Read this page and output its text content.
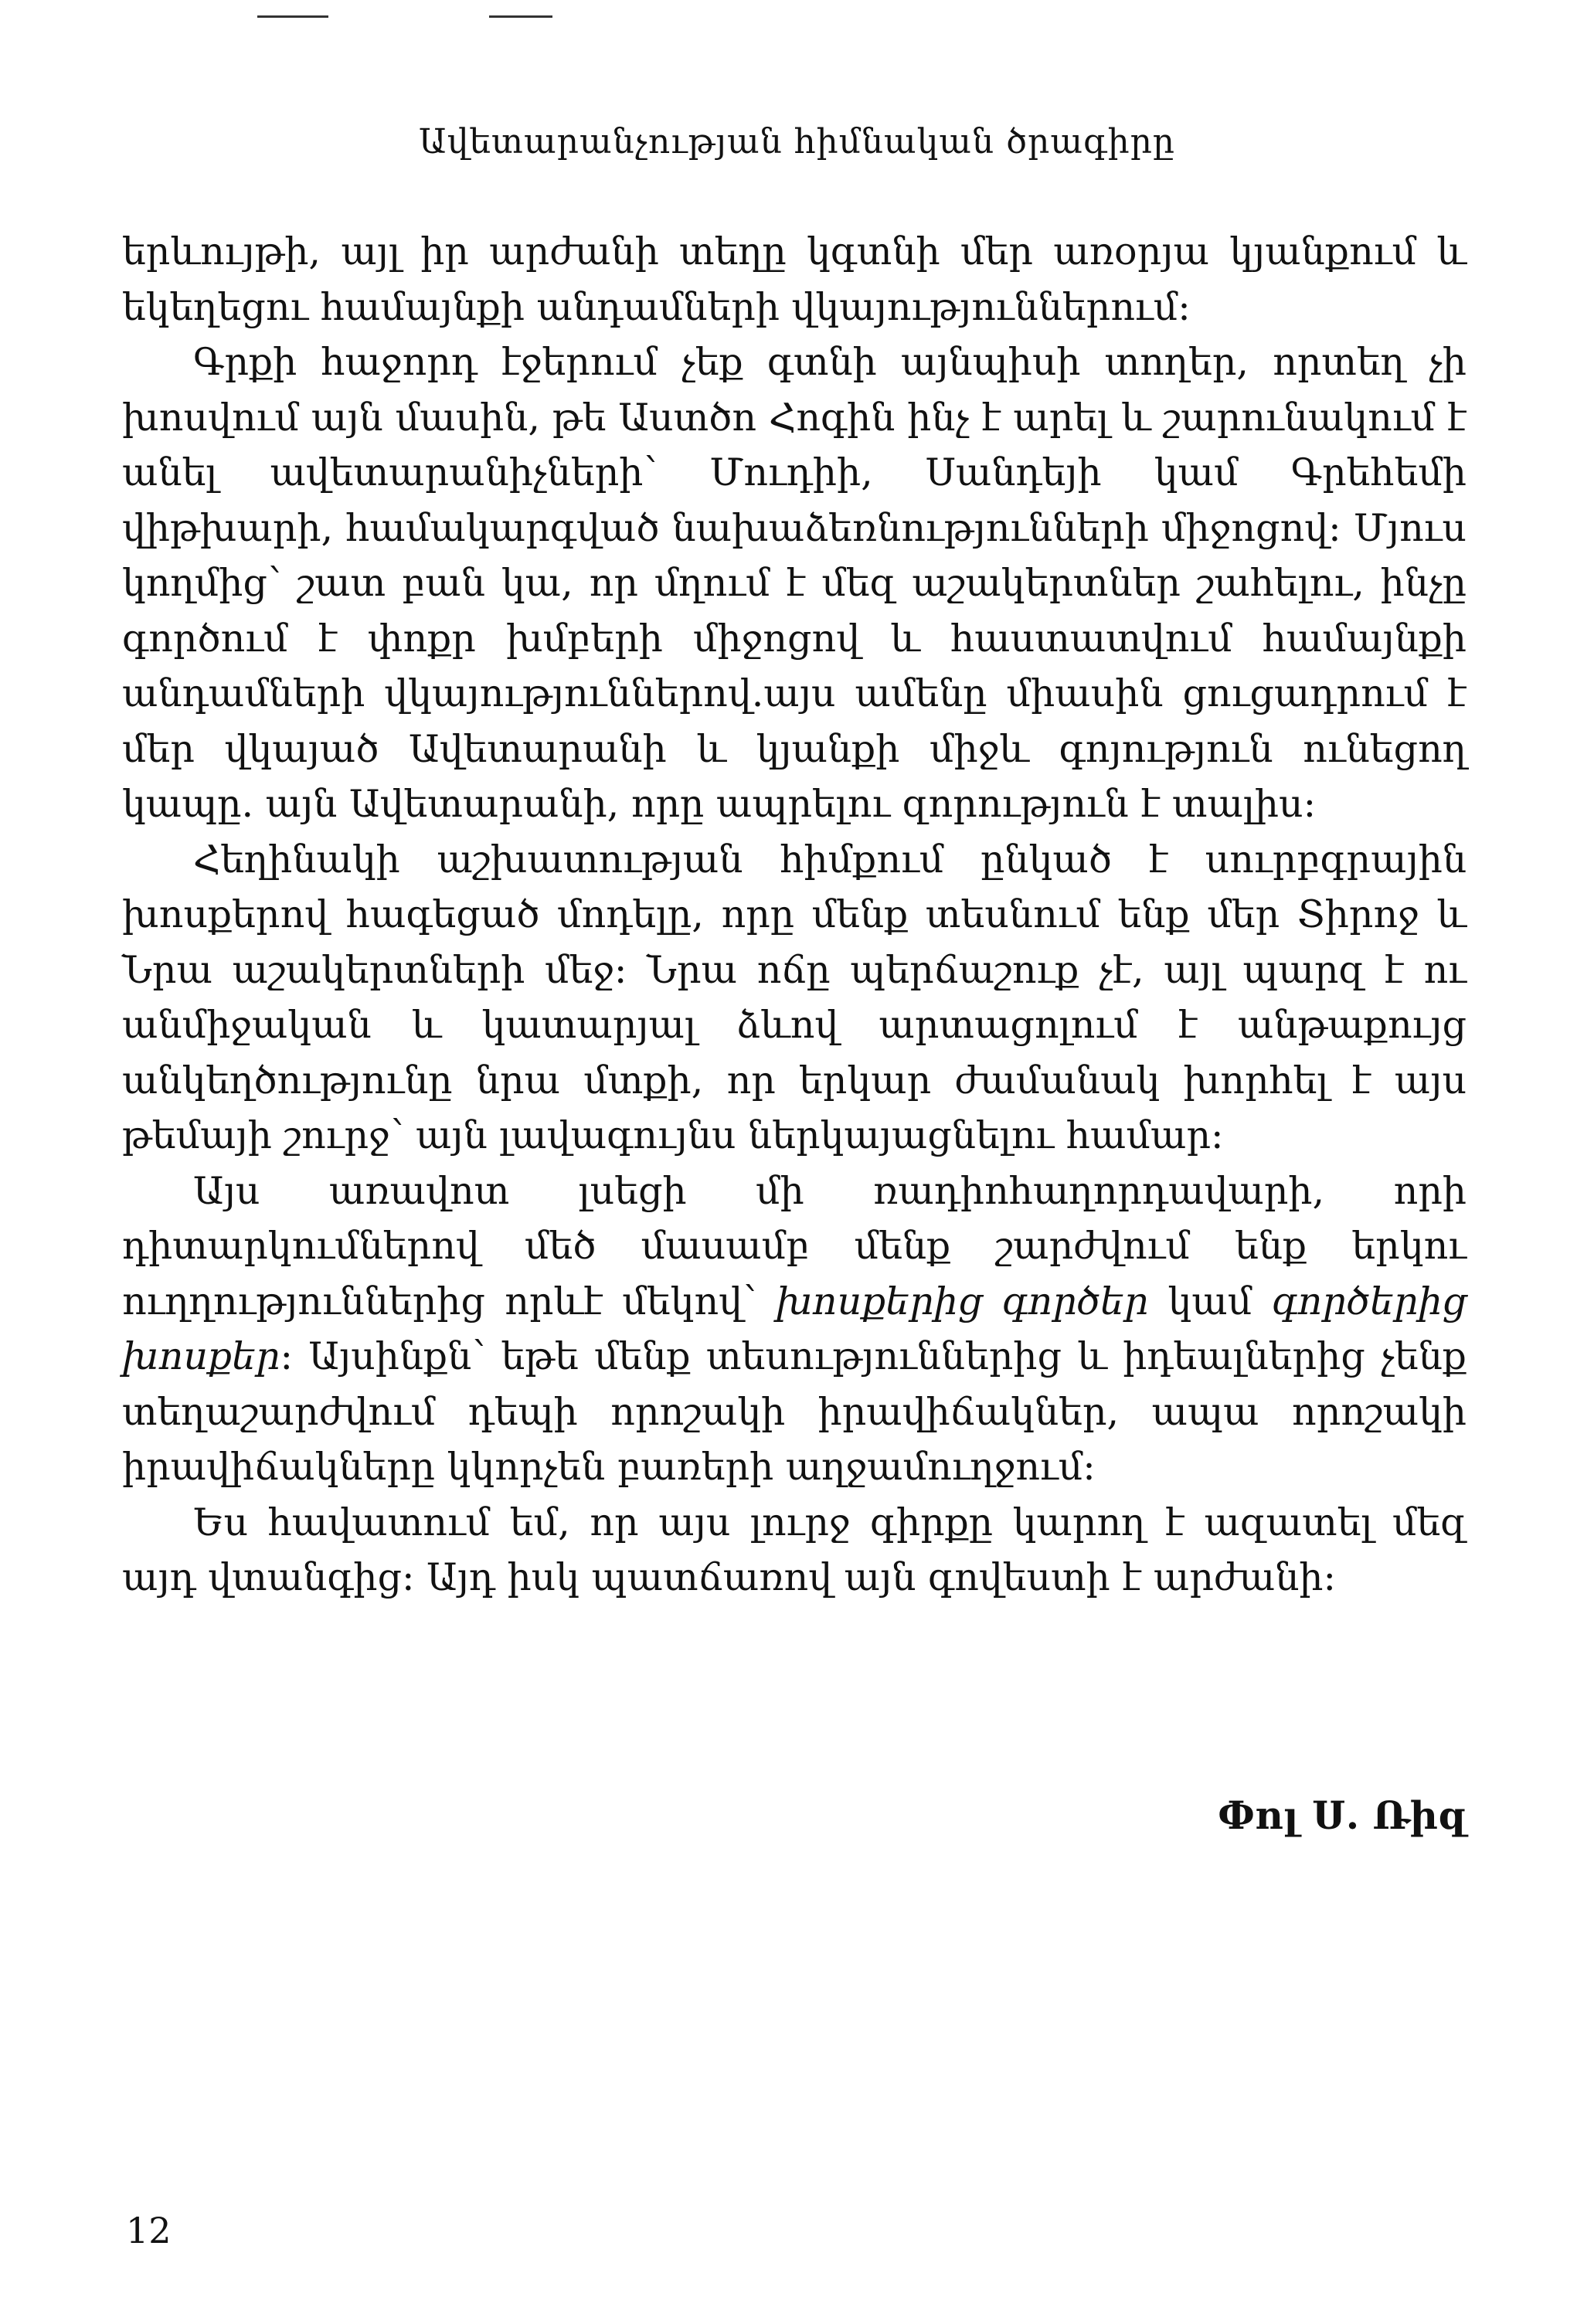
Ավետարանչության հիմնական ծրագիրը

երևույթի, այլ իր արժանի տեղը կգտնի մեր առօրյա կյանքում և եկեղեցու համայնքի անդամների վկայություններում:

Գրքի հաջորդ էջերում չեք գտնի այնպիսի տողեր, որտեղ չի խոսվում այն մասին, թե Աստծո Հոգին ինչ է արել և շարունակում է անել ավետարանիչների՝ Մուդիի, Սանդեյի կամ Գրեհեմի վիթխարի, համակարգված նախաձեռնությունների միջոցով: Մյուս կողմից՝ շատ բան կա, որ մղում է մեզ աշակերտներ շահելու, ինչը գործում է փոքր խմբերի միջոցով և հաստատվում համայնքի անդամների վկայություններով.այս ամենը միասին ցուցադրում է մեր վկայած Ավետարանի և կյանքի միջև գոյություն ունեցող կապը. այն Ավետարանի, որը ապրելու զորություն է տալիս:

Հեղինակի աշխատության հիմքում ընկած է սուրբգրային խոսքերով հագեցած մոդելը, որը մենք տեսնում ենք մեր Տիրոջ և Նրա աշակերտների մեջ: Նրա ոճը պերճաշուք չէ, այլ պարզ է ու անմիջական և կատարյալ ձևով արտացոլում է անթաքույց անկեղծությունը նրա մտքի, որ երկար ժամանակ խորհել է այս թեմայի շուրջ՝ այն լավագույնս ներկայացնելու համար:

Այս առավոտ լսեցի մի ռադիոհաղորդավարի, որի դիտարկումներով մեծ մասամբ մենք շարժվում ենք երկու ուղղություններից որևէ մեկով՝ խոսքերից գործեր կամ գործերից խոսքեր: Այսինքն՝ եթե մենք տեսություններից և իդեալներից չենք տեղաշարժվում դեպի որոշակի իրավիճակներ, ապա որոշակի իրավիճակները կկորչեն բառերի աղջամուղջում:

Ես հավատում եմ, որ այս լուրջ գիրքը կարող է ազատել մեզ այդ վտանգից: Այդ իսկ պատճառով այն գովեստի է արժանի:

Փոլ Ս. Ռիզ
12
